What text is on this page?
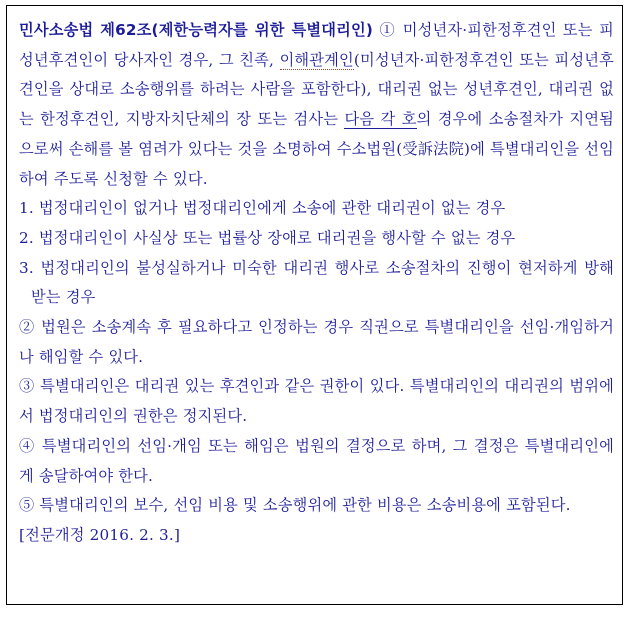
민사소송법 제62조(제한능력자를 위한 특별대리인) ① 미성년자·피한정후견인 또는 피성년후견인이 당사자인 경우, 그 친족, 이해관계인(미성년자·피한정후견인 또는 피성년후견인을 상대로 소송행위를 하려는 사람을 포함한다), 대리권 없는 성년후견인, 대리권 없는 한정후견인, 지방자치단체의 장 또는 검사는 다음 각 호의 경우에 소송절차가 지연됨으로써 손해를 볼 염려가 있다는 것을 소명하여 수소법원(受訴法院)에 특별대리인을 선임하여 주도록 신청할 수 있다.

1. 법정대리인이 없거나 법정대리인에게 소송에 관한 대리권이 없는 경우

2. 법정대리인이 사실상 또는 법률상 장애로 대리권을 행사할 수 없는 경우

3. 법정대리인의 불성실하거나 미숙한 대리권 행사로 소송절차의 진행이 현저하게 방해받는 경우

② 법원은 소송계속 후 필요하다고 인정하는 경우 직권으로 특별대리인을 선임·개임하거나 해임할 수 있다.

③ 특별대리인은 대리권 있는 후견인과 같은 권한이 있다. 특별대리인의 대리권의 범위에서 법정대리인의 권한은 정지된다.

④ 특별대리인의 선임·개임 또는 해임은 법원의 결정으로 하며, 그 결정은 특별대리인에게 송달하여야 한다.

⑤ 특별대리인의 보수, 선임 비용 및 소송행위에 관한 비용은 소송비용에 포함된다.

[전문개정 2016. 2. 3.]
